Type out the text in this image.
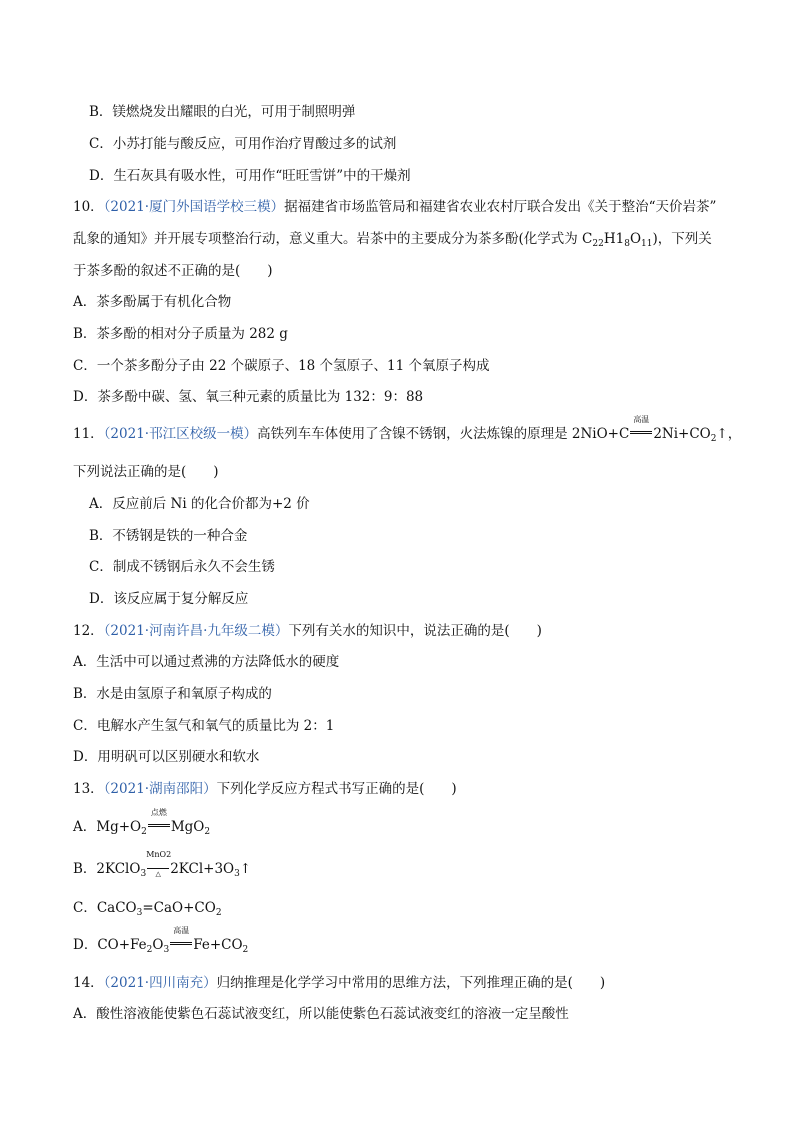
B．镁燃烧发出耀眼的白光，可用于制照明弹
C．小苏打能与酸反应，可用作治疗胃酸过多的试剂
D．生石灰具有吸水性，可用作“旺旺雪饼”中的干燥剂
10．（2021·厦门外国语学校三模）据福建省市场监管局和福建省农业农村厅联合发出《关于整治“天价岩茶”
乱象的通知》并开展专项整治行动，意义重大。岩茶中的主要成分为茶多酚(化学式为 $C_{22}H1_8O_{11}$)，下列关
于茶多酚的叙述不正确的是(　　)
A．茶多酚属于有机化合物
B．茶多酚的相对分子质量为 282 g
C．一个茶多酚分子由 22 个碳原子、18 个氢原子、11 个氧原子构成
D．茶多酚中碳、氢、氧三种元素的质量比为 132：9：88
11．（2021·邗江区校级一模）高铁列车车体使用了含镍不锈钢，火法炼镍的原理是 2NiO+C
高温
$2Ni+CO_2↑$，
下列说法正确的是(　　)
A．反应前后 Ni 的化合价都为+2 价
B．不锈钢是铁的一种合金
C．制成不锈钢后永久不会生锈
D．该反应属于复分解反应
12．（2021·河南许昌·九年级二模）下列有关水的知识中，说法正确的是(　　)
A．生活中可以通过煮沸的方法降低水的硬度
B．水是由氢原子和氧原子构成的
C．电解水产生氢气和氧气的质量比为 2：1
D．用明矾可以区别硬水和软水
13．（2021·湖南邵阳）下列化学反应方程式书写正确的是(　　)
A．$Mg+O_2$
点燃
MgO$_2$
B．2KClO$_3$
MnO2
△ $2KCl+3O_3↑$
C．$CaCO_3=CaO+CO_2$
D．$CO+Fe_2O_3$
高温
$Fe+CO_2$
14．（2021·四川南充）归纳推理是化学学习中常用的思维方法，下列推理正确的是(　　)
A．酸性溶液能使紫色石蕊试液变红，所以能使紫色石蕊试液变红的溶液一定呈酸性
